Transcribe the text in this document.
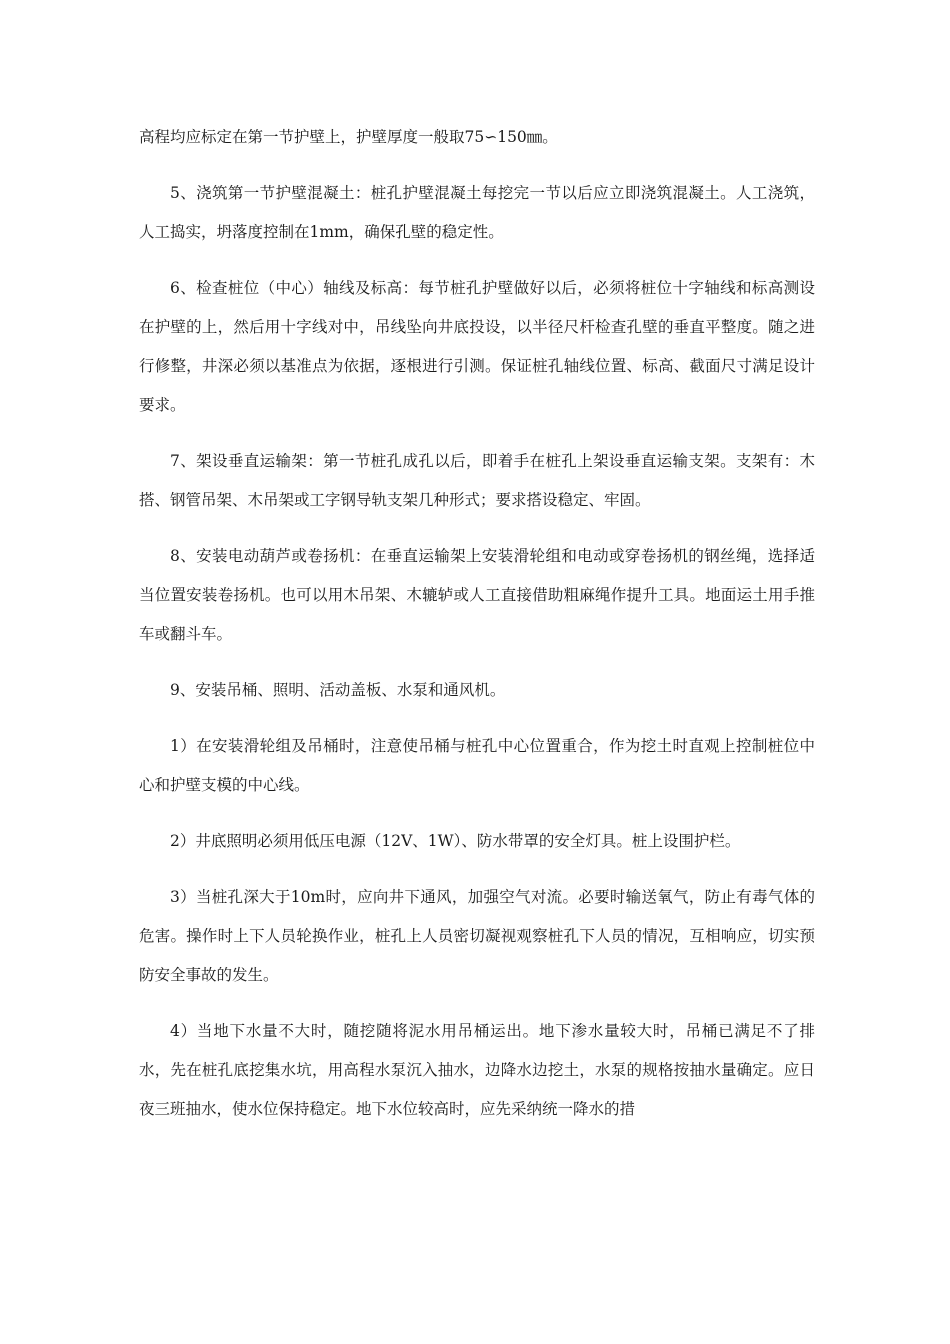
高程均应标定在第一节护壁上，护壁厚度一般取75∽150㎜。

5、浇筑第一节护壁混凝土：桩孔护壁混凝土每挖完一节以后应立即浇筑混凝土。人工浇筑，人工捣实，坍落度控制在1mm，确保孔壁的稳定性。

6、检查桩位（中心）轴线及标高：每节桩孔护壁做好以后，必须将桩位十字轴线和标高测设在护壁的上，然后用十字线对中，吊线坠向井底投设，以半径尺杆检查孔壁的垂直平整度。随之进行修整，井深必须以基准点为依据，逐根进行引测。保证桩孔轴线位置、标高、截面尺寸满足设计要求。

7、架设垂直运输架：第一节桩孔成孔以后，即着手在桩孔上架设垂直运输支架。支架有：木搭、钢管吊架、木吊架或工字钢导轨支架几种形式；要求搭设稳定、牢固。

8、安装电动葫芦或卷扬机：在垂直运输架上安装滑轮组和电动或穿卷扬机的钢丝绳，选择适当位置安装卷扬机。也可以用木吊架、木辘轳或人工直接借助粗麻绳作提升工具。地面运土用手推车或翻斗车。

9、安装吊桶、照明、活动盖板、水泵和通风机。

1）在安装滑轮组及吊桶时，注意使吊桶与桩孔中心位置重合，作为挖土时直观上控制桩位中心和护壁支模的中心线。

2）井底照明必须用低压电源（12V、1W）、防水带罩的安全灯具。桩上设围护栏。

3）当桩孔深大于10m时，应向井下通风，加强空气对流。必要时输送氧气，防止有毒气体的危害。操作时上下人员轮换作业，桩孔上人员密切凝视观察桩孔下人员的情况，互相响应，切实预防安全事故的发生。

4）当地下水量不大时，随挖随将泥水用吊桶运出。地下渗水量较大时，吊桶已满足不了排水，先在桩孔底挖集水坑，用高程水泵沉入抽水，边降水边挖土，水泵的规格按抽水量确定。应日夜三班抽水，使水位保持稳定。地下水位较高时，应先采纳统一降水的措
